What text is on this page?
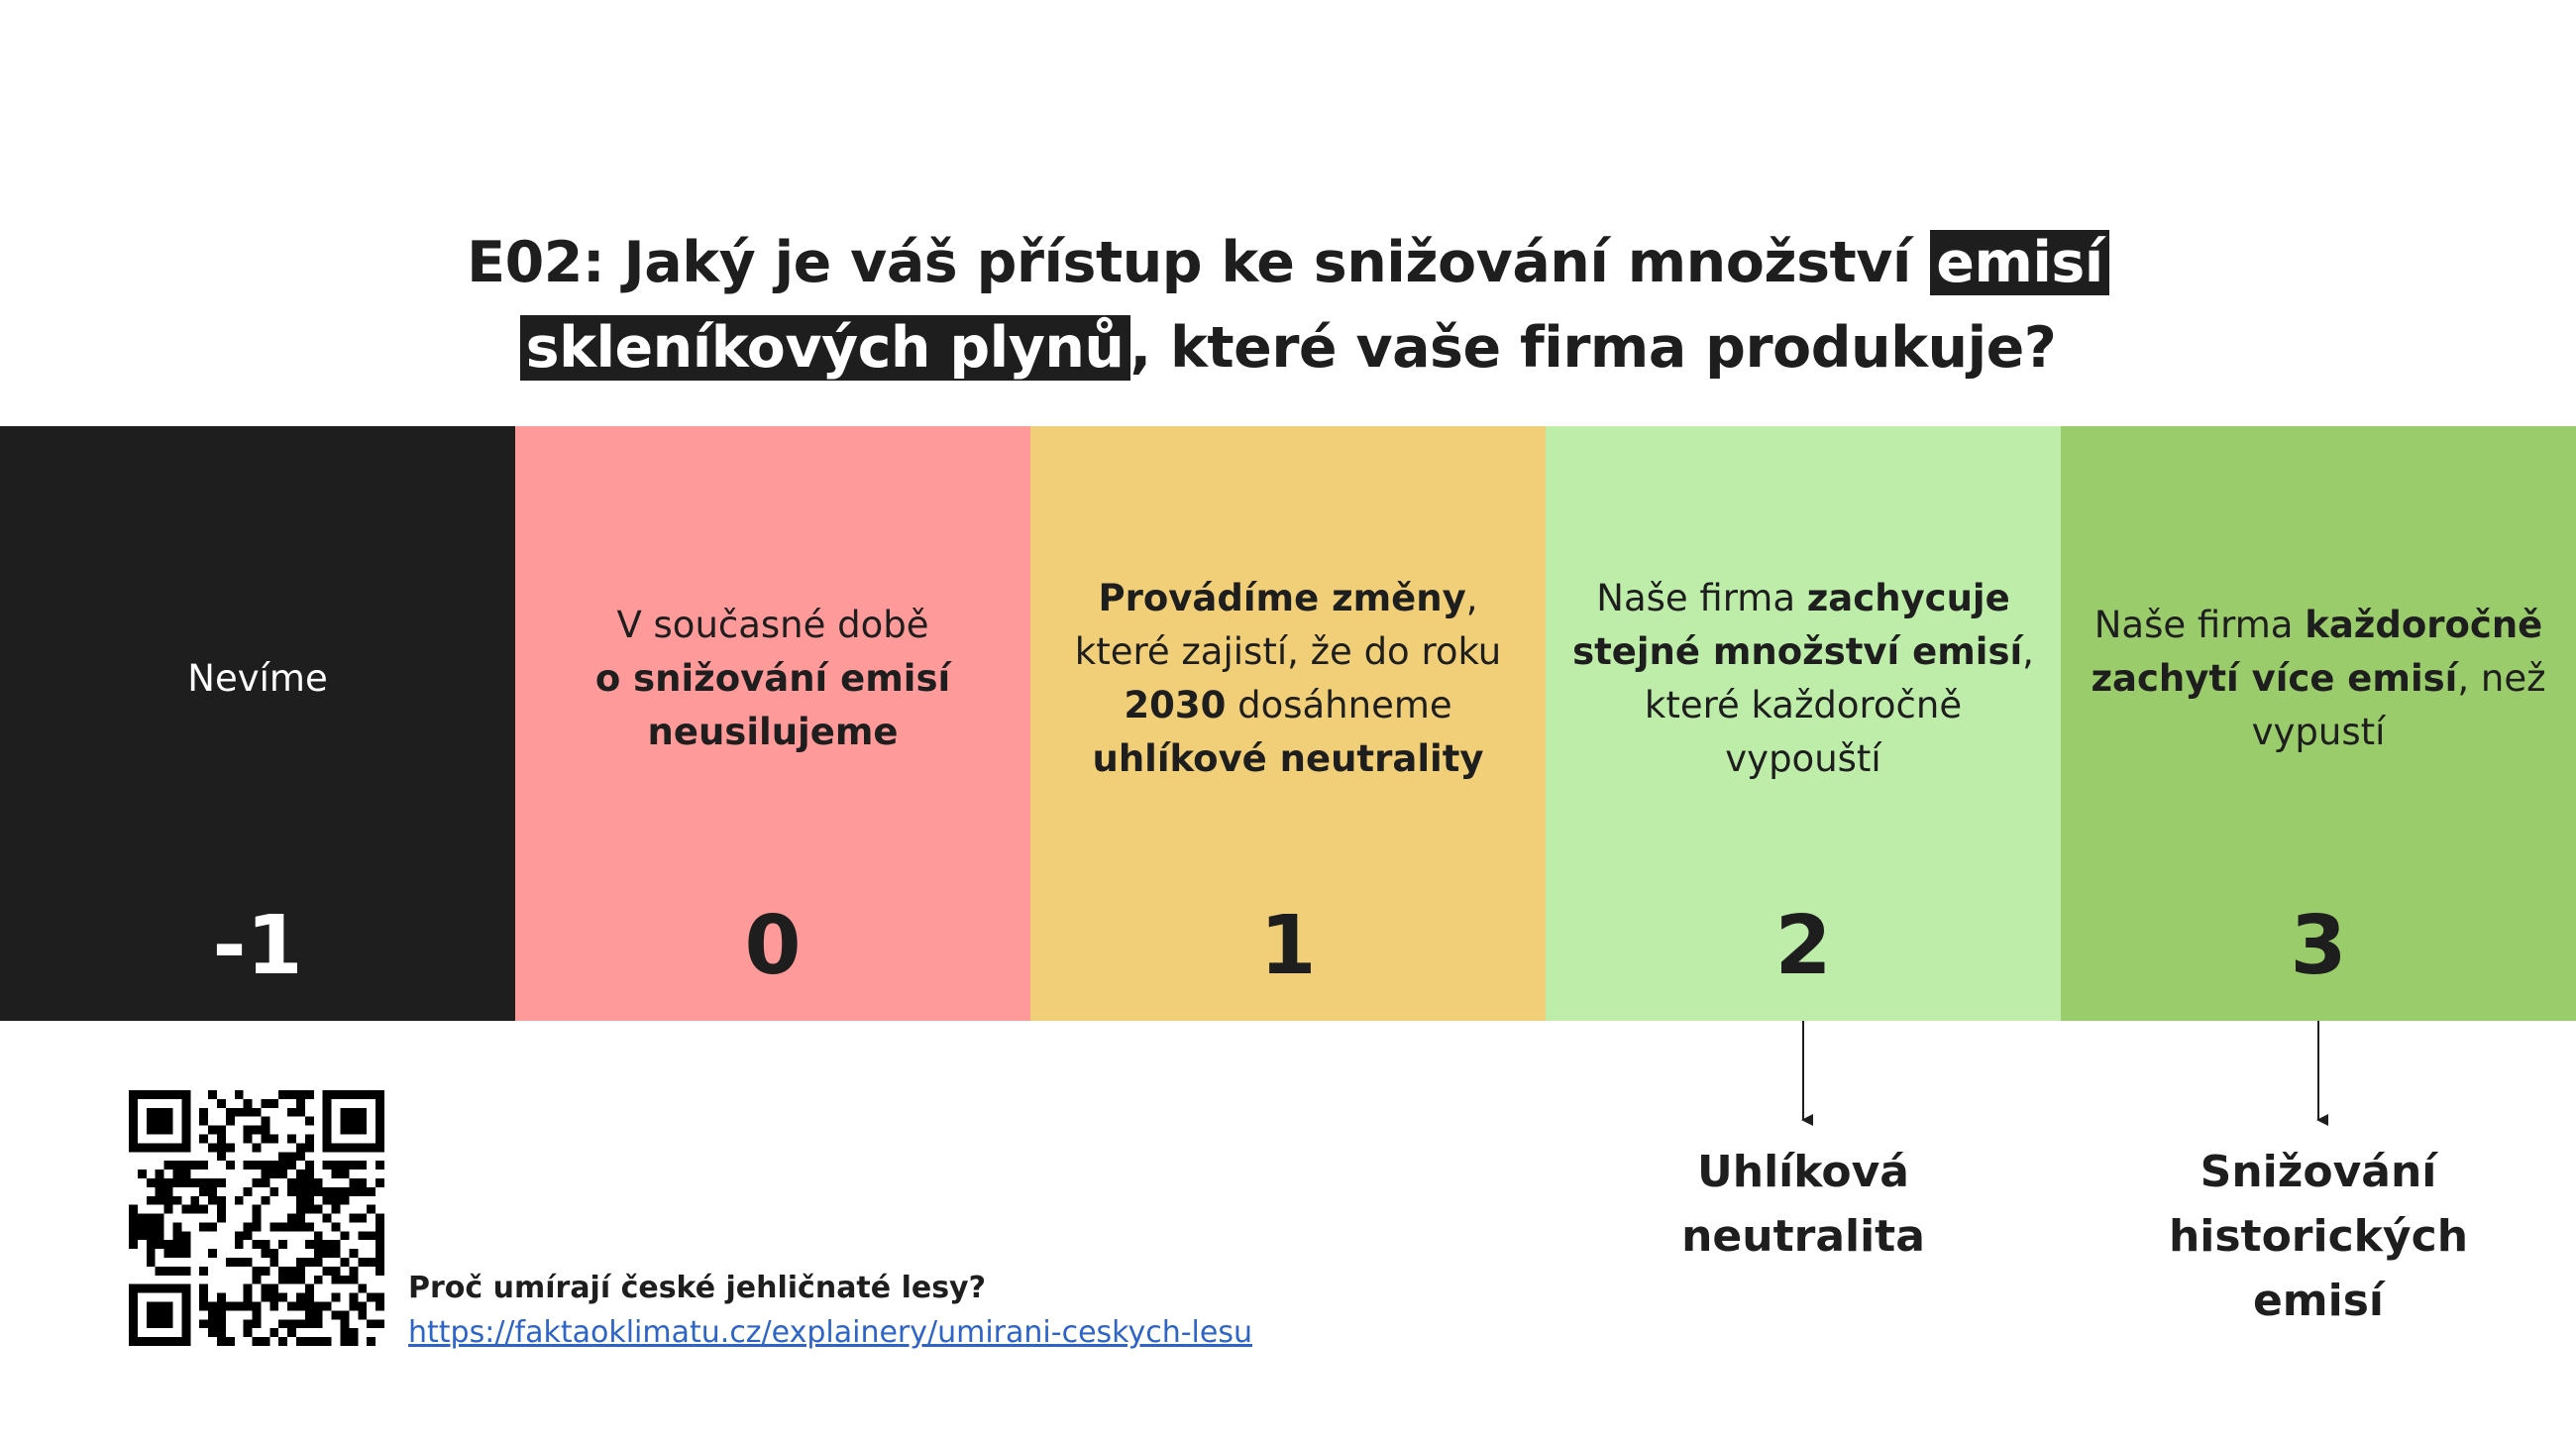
E02: Jaký je váš přístup ke snižování množství emisí
skleníkových plynů , které vaše firma produkuje?
Nevíme
-1
V současné době
o snižování emisí neusilujeme
0
Provádíme změny, které zajistí, že do roku 2030 dosáhneme uhlíkové neutrality
1
Naše firma zachycuje stejné množství emisí, které každoročně vypouští
2
Naše firma každoročně zachytí více emisí, než vypustí
3
Uhlíková neutralita
Snižování historických emisí
Proč umírají české jehličnaté lesy?
https://faktaoklimatu.cz/explainery/umirani-ceskych-lesu
